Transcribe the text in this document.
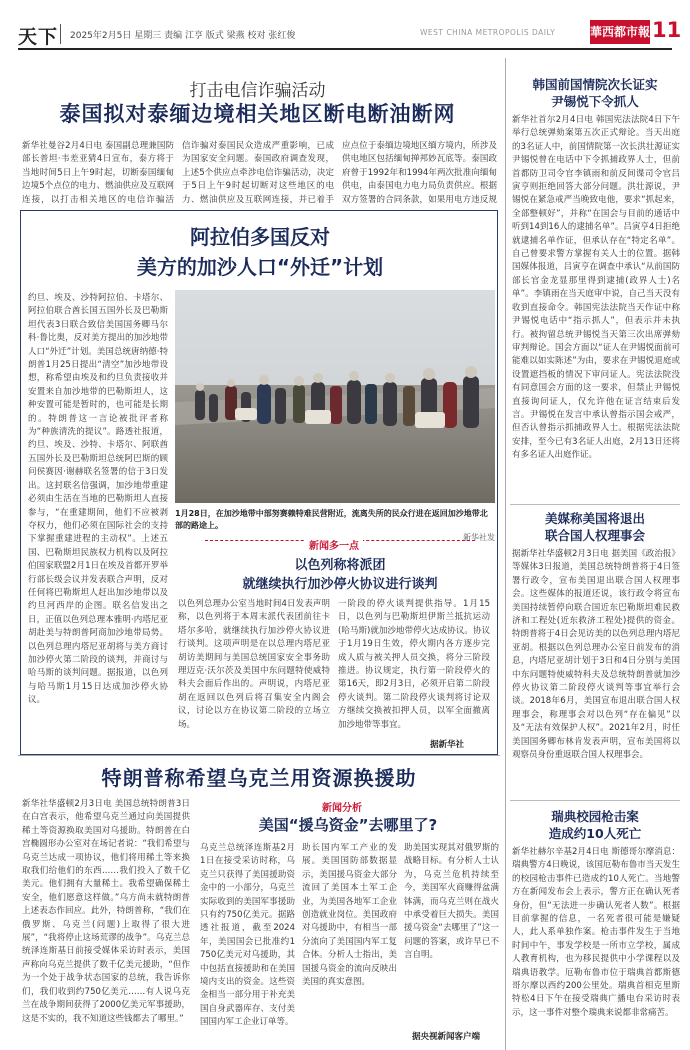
天下 2025年2月5日 星期三 责编 江亨 版式 梁燕 校对 张红俊	WEST CHINA METROPOLIS DAILY	華西都市報 11
打击电信诈骗活动
泰国拟对泰缅边境相关地区断电断油断网
新华社曼谷2月4日电 泰国副总理兼国防部长普坦·韦差亚猜4日宣布，泰方将于当地时间5日上午9时起，切断泰国缅甸边境5个点位的电力、燃油供应及互联网连接，以打击相关地区的电信诈骗活
信诈骗对泰国民众造成严重影响，已成为国家安全问题。泰国政府调查发现，上述5个供应点牵涉电信诈骗活动，决定于5日上午9时起切断对这些地区的电力、燃油供应及互联网连接，并已着手
应点位于泰缅边境地区缅方境内，所涉及供电地区包括缅甸掸邦妙瓦底等。泰国政府曾于1992年和1994年两次批准向缅甸供电，由泰国电力电力局负责供应。根据双方签署的合同条款，如果用电方违反规
阿拉伯多国反对
美方的加沙人口“外迁”计划
约旦、埃及、沙特阿拉伯、卡塔尔、阿拉伯联合酋长国五国外长及巴勒斯坦代表3日联合致信美国国务卿马尔科·鲁比奥，反对美方提出的加沙地带人口“外迁”计划。美国总统唐纳德·特朗普1月25日提出“清空”加沙地带设想，称希望由埃及和约旦负责接收并安置来自加沙地带的巴勒斯坦人，这种安置可能是暂时的，也可能是长期的。特朗普这一言论被批评者称为“种族清洗的提议”。路透社报道，约旦、埃及、沙特、卡塔尔、阿联酋五国外长及巴勒斯坦总统阿巴斯的顾问侯赛因·谢赫联名签署的信于3日发出。这封联名信强调，加沙地带重建必须由生活在当地的巴勒斯坦人直接参与，“在重建期间，他们不应被剥夺权力，他们必须在国际社会的支持下掌握重建进程的主动权”。上述五国、巴勒斯坦民族权力机构以及阿拉伯国家联盟2月1日在埃及首都开罗举行部长级会议并发表联合声明，反对任何将巴勒斯坦人赶出加沙地带以及约旦河西岸的企图。联名信发出之日，正值以色列总理本雅明·内塔尼亚胡赴美与特朗普阿商加沙地带局势。以色列总理内塔尼亚胡将与美方商讨加沙停火第二阶段的谈判，并商讨与哈马斯的谈判问题。据报道，以色列与哈马斯1月15日达成加沙停火协议。
1月28日，在加沙地带中部努赛赖特难民营附近，流离失所的民众行进在返回加沙地带北部的路途上。
新华社发
新闻多一点
以色列称将派团
就继续执行加沙停火协议进行谈判
以色列总理办公室当地时间4日发表声明称，以色列将于本周末派代表团前往卡塔尔多哈，就继续执行加沙停火协议进行谈判。这项声明是在以总理内塔尼亚胡访美期间与美国总统国家安全事务助理迈克·沃尔茨及美国中东问题特使威特科夫会面后作出的。声明说，内塔尼亚胡在返回以色列后将召集安全内阁会议，讨论以方在协议第二阶段的立场立场。
一阶段的停火谈判提供指导。1月15日，以色列与巴勒斯坦伊斯兰抵抗运动(哈马斯)就加沙地带停火达成协议。协议于1月19日生效，停火期内各方逐步完成人质与被关押人员交换，将分三阶段推进。协议规定，执行第一阶段停火的第16天，即2月3日，必须开启第二阶段停火谈判。第二阶段停火谈判将讨论双方继续交换被扣押人员，以军全面撤离加沙地带等事宜。
据新华社
特朗普称希望乌克兰用资源换援助
新华社华盛顿2月3日电 美国总统特朗普3日在白宫表示，他希望乌克兰通过向美国提供稀土等资源换取美国对乌援助。特朗普在白宫椭圆形办公室对在场记者说：“我们希望与乌克兰达成一项协议，他们将用稀土等来换取我们给他们的东西……我们投入了数千亿美元。他们拥有大量稀土。我希望确保稀土安全，他们愿意这样做。”乌方尚未就特朗普上述表态作回应。此外，特朗普称，“我们在俄罗斯、乌克兰(问题)上取得了很大进展”，“我将停止这场荒谬的战争”。乌克兰总统泽连斯基日前接受媒体采访时表示，美国声称向乌克兰提供了数千亿美元援助，“但作为一个处于战争状态国家的总统，我告诉你们，我们收到约750亿美元……有人说乌克兰在战争期间获得了2000亿美元军事援助，这是不实的，我不知道这些钱都去了哪里。”
新闻分析
美国“援乌资金”去哪里了?
乌克兰总统泽连斯基2月1日在接受采访时称，乌克兰只获得了美国援助资金中的一小部分，乌克兰实际收到的美国军事援助只有约750亿美元。据路透社报道，截至2024年，美国国会已批准约1750亿美元对乌援助，其中包括直接援助和在美国境内支出的资金。这些资金相当一部分用于补充美国自身武器库存、支付美国国内军工企业订单等。
助长国内军工产业的发展。美国国防部数据显示，美国援乌资金大部分流回了美国本土军工企业，为美国各地军工企业创造就业岗位。美国政府对乌援助中，有相当一部分流向了美国国内军工复合体。分析人士指出，美国援乌资金的流向反映出美国的真实意图。
助美国实现其对俄罗斯的战略目标。有分析人士认为，乌克兰危机持续至今，美国军火商赚得盆满钵满，而乌克兰则在战火中承受着巨大损失。美国援乌资金“去哪里了”这一问题的答案，或许早已不言自明。
据央视新闻客户端
韩国前国情院次长证实
尹锡悦下令抓人
新华社首尔2月4日电 韩国宪法法院4日下午举行总统弹劾案第五次正式辩论。当天出庭的3名证人中，前国情院第一次长洪壮源证实尹锡悦曾在电话中下令抓捕政界人士，但前首都防卫司令官李镇雨和前反间谍司令官吕寅亨则拒绝回答大部分问题。洪壮源说，尹锡悦在紧急戒严当晚致电他，要求“抓起来，全部整顿好”，并称“在国会与目前的通话中听到14到16人的逮捕名单”。吕寅亨4日拒绝就逮捕名单作证，但承认存在“特定名单”。自己曾要求警方掌握有关人士的位置。据韩国媒体报道，吕寅亨在调查中承认“从前国防部长官金龙显那里得到逮捕(政界人士)名单”。李镇雨在当天庭审中说，自己当天没有收到直接命令。韩国宪法法院当天作证中称尹锡悦电话中“指示抓人”，但表示并未执行。被拘留总统尹锡悦当天第三次出席弹劾审判辩论。国会方面以“证人在尹锡悦面前可能难以如实陈述”为由，要求在尹锡悦退庭或设置遮挡板的情况下审问证人。宪法法院没有同意国会方面的这一要求，但禁止尹锡悦直接询问证人，仅允许他在证言结束后发言。尹锡悦在发言中承认曾指示国会戒严，但否认曾指示抓捕政界人士。根据宪法法院安排，至今已有3名证人出庭，2月13日还将有多名证人出庭作证。
美媒称美国将退出
联合国人权理事会
据新华社华盛顿2月3日电 据美国《政治报》等媒体3日报道，美国总统特朗普将于4日签署行政令，宣布美国退出联合国人权理事会。这些媒体的报道还说，该行政令将宣布美国持续暂停向联合国近东巴勒斯坦难民救济和工程处(近东救济工程处)提供的资金。特朗普将于4日会见访美的以色列总理内塔尼亚胡。根据以色列总理办公室日前发布的消息，内塔尼亚胡计划于3日和4日分别与美国中东问题特使威特科夫及总统特朗普就加沙停火协议第二阶段停火谈判等事宜举行会谈。2018年6月，美国宣布退出联合国人权理事会，称理事会对以色列“存在偏见”以及“无法有效保护人权”。2021年2月，时任美国国务卿布林肯发表声明，宣布美国将以观察员身份重返联合国人权理事会。
瑞典校园枪击案
造成约10人死亡
新华社赫尔辛基2月4日电 斯德哥尔摩消息：瑞典警方4日晚说，该国厄勒布鲁市当天发生的校园枪击事件已造成约10人死亡。当地警方在新闻发布会上表示，警方正在确认死者身份，但“无法进一步确认死者人数”。根据目前掌握的信息，一名死者很可能是嫌疑人，此人系单独作案。枪击事件发生于当地时间中午，事发学校是一所市立学校，属成人教育机构，也为移民提供中小学课程以及瑞典语教学。厄勒布鲁市位于瑞典首都斯德哥尔摩以西约200公里处。瑞典首相克里斯特松4日下午在接受瑞典广播电台采访时表示，这一事件对整个瑞典来说都非常痛苦。
